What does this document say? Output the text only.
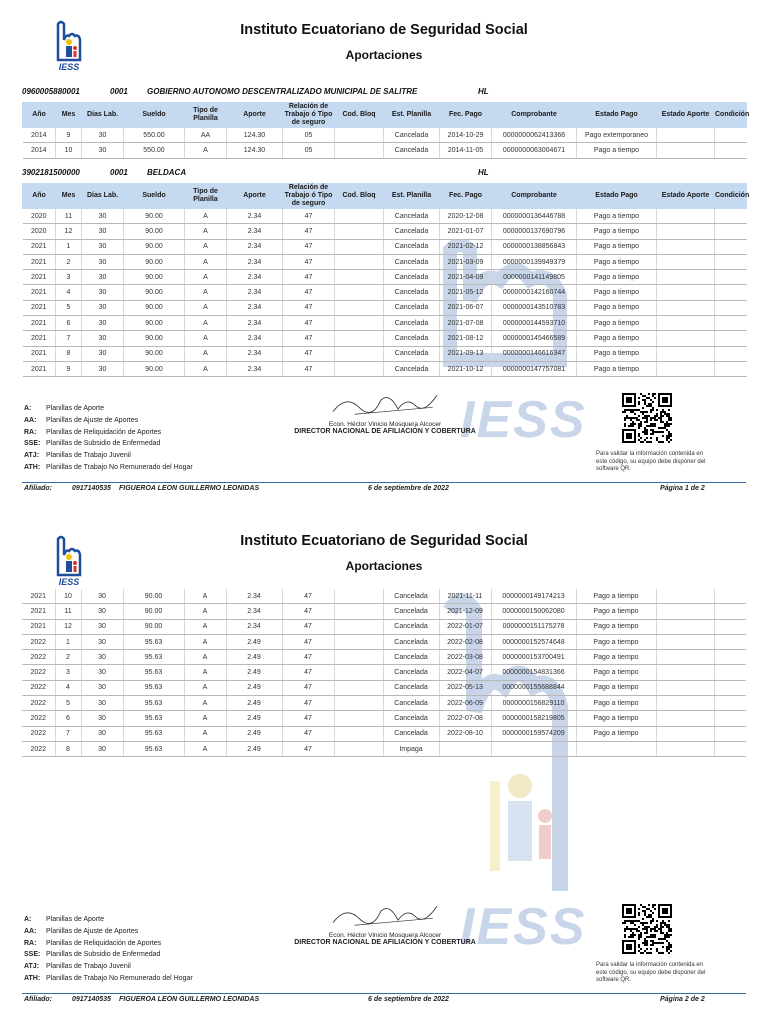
IESS
IESS
Instituto Ecuatoriano de Seguridad Social
Aportaciones
0960005880001	0001 GOBIERNO AUTONOMO DESCENTRALIZADO MUNICIPAL DE SALITRE	HL
Año	Mes	Días Lab.	Sueldo	Tipo de Planilla	Aporte	Relación de Trabajo ó Tipo de seguro	Cod. Bloq	Est. Planilla	Fec. Pago	Comprobante	Estado Pago	Estado Aporte	Condición
2014	9	30	550.00	AA	124.30	05		Cancelada	2014-10-29	0000000062413366	Pago extemporaneo		
2014	10	30	550.00	A	124.30	05		Cancelada	2014-11-05	0000000063004671	Pago a tiempo		
3902181500000	0001 BELDACA	HL
Año	Mes	Días Lab.	Sueldo	Tipo de Planilla	Aporte	Relación de Trabajo ó Tipo de seguro	Cod. Bloq	Est. Planilla	Fec. Pago	Comprobante	Estado Pago	Estado Aporte	Condición
2020	11	30	90.00	A	2.34	47		Cancelada	2020-12-08	0000000136446788	Pago a tiempo		
2020	12	30	90.00	A	2.34	47		Cancelada	2021-01-07	0000000137690796	Pago a tiempo		
2021	1	30	90.00	A	2.34	47		Cancelada	2021-02-12	0000000138856843	Pago a tiempo		
2021	2	30	90.00	A	2.34	47		Cancelada	2021-03-09	0000000139949379	Pago a tiempo		
2021	3	30	90.00	A	2.34	47		Cancelada	2021-04-09	0000000141149805	Pago a tiempo		
2021	4	30	90.00	A	2.34	47		Cancelada	2021-05-12	0000000142160744	Pago a tiempo		
2021	5	30	90.00	A	2.34	47		Cancelada	2021-06-07	0000000143510783	Pago a tiempo		
2021	6	30	90.00	A	2.34	47		Cancelada	2021-07-08	0000000144593710	Pago a tiempo		
2021	7	30	90.00	A	2.34	47		Cancelada	2021-08-12	0000000145466589	Pago a tiempo		
2021	8	30	90.00	A	2.34	47		Cancelada	2021-09-13	0000000146616347	Pago a tiempo		
2021	9	30	90.00	A	2.34	47		Cancelada	2021-10-12	0000000147757081	Pago a tiempo		
A: Planillas de Aporte
AA: Planillas de Ajuste de Aportes
RA: Planillas de Reliquidación de Aportes
SSE: Planillas de Subsidio de Enfermedad
ATJ: Planillas de Trabajo Juvenil
ATH: Planillas de Trabajo No Remunerado del Hogar
Econ. Héctor Vinicio Mosquera Alcocer
DIRECTOR NACIONAL DE AFILIACIÓN Y COBERTURA
Para validar la información contenida en este código, su equipo debe disponer del software QR.
Afiliado:	0917140535 FIGUEROA LEON GUILLERMO LEONIDAS	6 de septiembre de 2022	Página 1 de 2
IESS
IESS
Instituto Ecuatoriano de Seguridad Social
Aportaciones
2021	10	30	90.00	A	2.34	47		Cancelada	2021-11-11	0000000149174213	Pago a tiempo		
2021	11	30	90.00	A	2.34	47		Cancelada	2021-12-09	0000000150062080	Pago a tiempo		
2021	12	30	90.00	A	2.34	47		Cancelada	2022-01-07	0000000151175278	Pago a tiempo		
2022	1	30	95.63	A	2.49	47		Cancelada	2022-02-08	0000000152574648	Pago a tiempo		
2022	2	30	95.63	A	2.49	47		Cancelada	2022-03-08	0000000153700491	Pago a tiempo		
2022	3	30	95.63	A	2.49	47		Cancelada	2022-04-07	0000000154831366	Pago a tiempo		
2022	4	30	95.63	A	2.49	47		Cancelada	2022-05-13	0000000155688844	Pago a tiempo		
2022	5	30	95.63	A	2.49	47		Cancelada	2022-06-09	0000000156829110	Pago a tiempo		
2022	6	30	95.63	A	2.49	47		Cancelada	2022-07-08	0000000158219805	Pago a tiempo		
2022	7	30	95.63	A	2.49	47		Cancelada	2022-08-10	0000000159574209	Pago a tiempo		
2022	8	30	95.63	A	2.49	47		Impaga					
A: Planillas de Aporte
AA: Planillas de Ajuste de Aportes
RA: Planillas de Reliquidación de Aportes
SSE: Planillas de Subsidio de Enfermedad
ATJ: Planillas de Trabajo Juvenil
ATH: Planillas de Trabajo No Remunerado del Hogar
Econ. Héctor Vinicio Mosquera Alcocer
DIRECTOR NACIONAL DE AFILIACIÓN Y COBERTURA
Para validar la información contenida en este código, su equipo debe disponer del software QR.
Afiliado:	0917140535 FIGUEROA LEON GUILLERMO LEONIDAS	6 de septiembre de 2022	Página 2 de 2
